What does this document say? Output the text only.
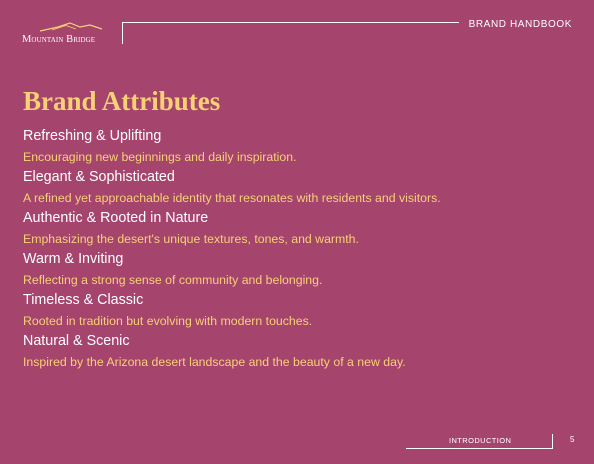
Mountain Bridge
BRAND HANDBOOK
Brand Attributes
Refreshing & Uplifting
Encouraging new beginnings and daily inspiration.
Elegant & Sophisticated
A refined yet approachable identity that resonates with residents and visitors.
Authentic & Rooted in Nature
Emphasizing the desert's unique textures, tones, and warmth.
Warm & Inviting
Reflecting a strong sense of community and belonging.
Timeless & Classic
Rooted in tradition but evolving with modern touches.
Natural & Scenic
Inspired by the Arizona desert landscape and the beauty of a new day.
INTRODUCTION	5
